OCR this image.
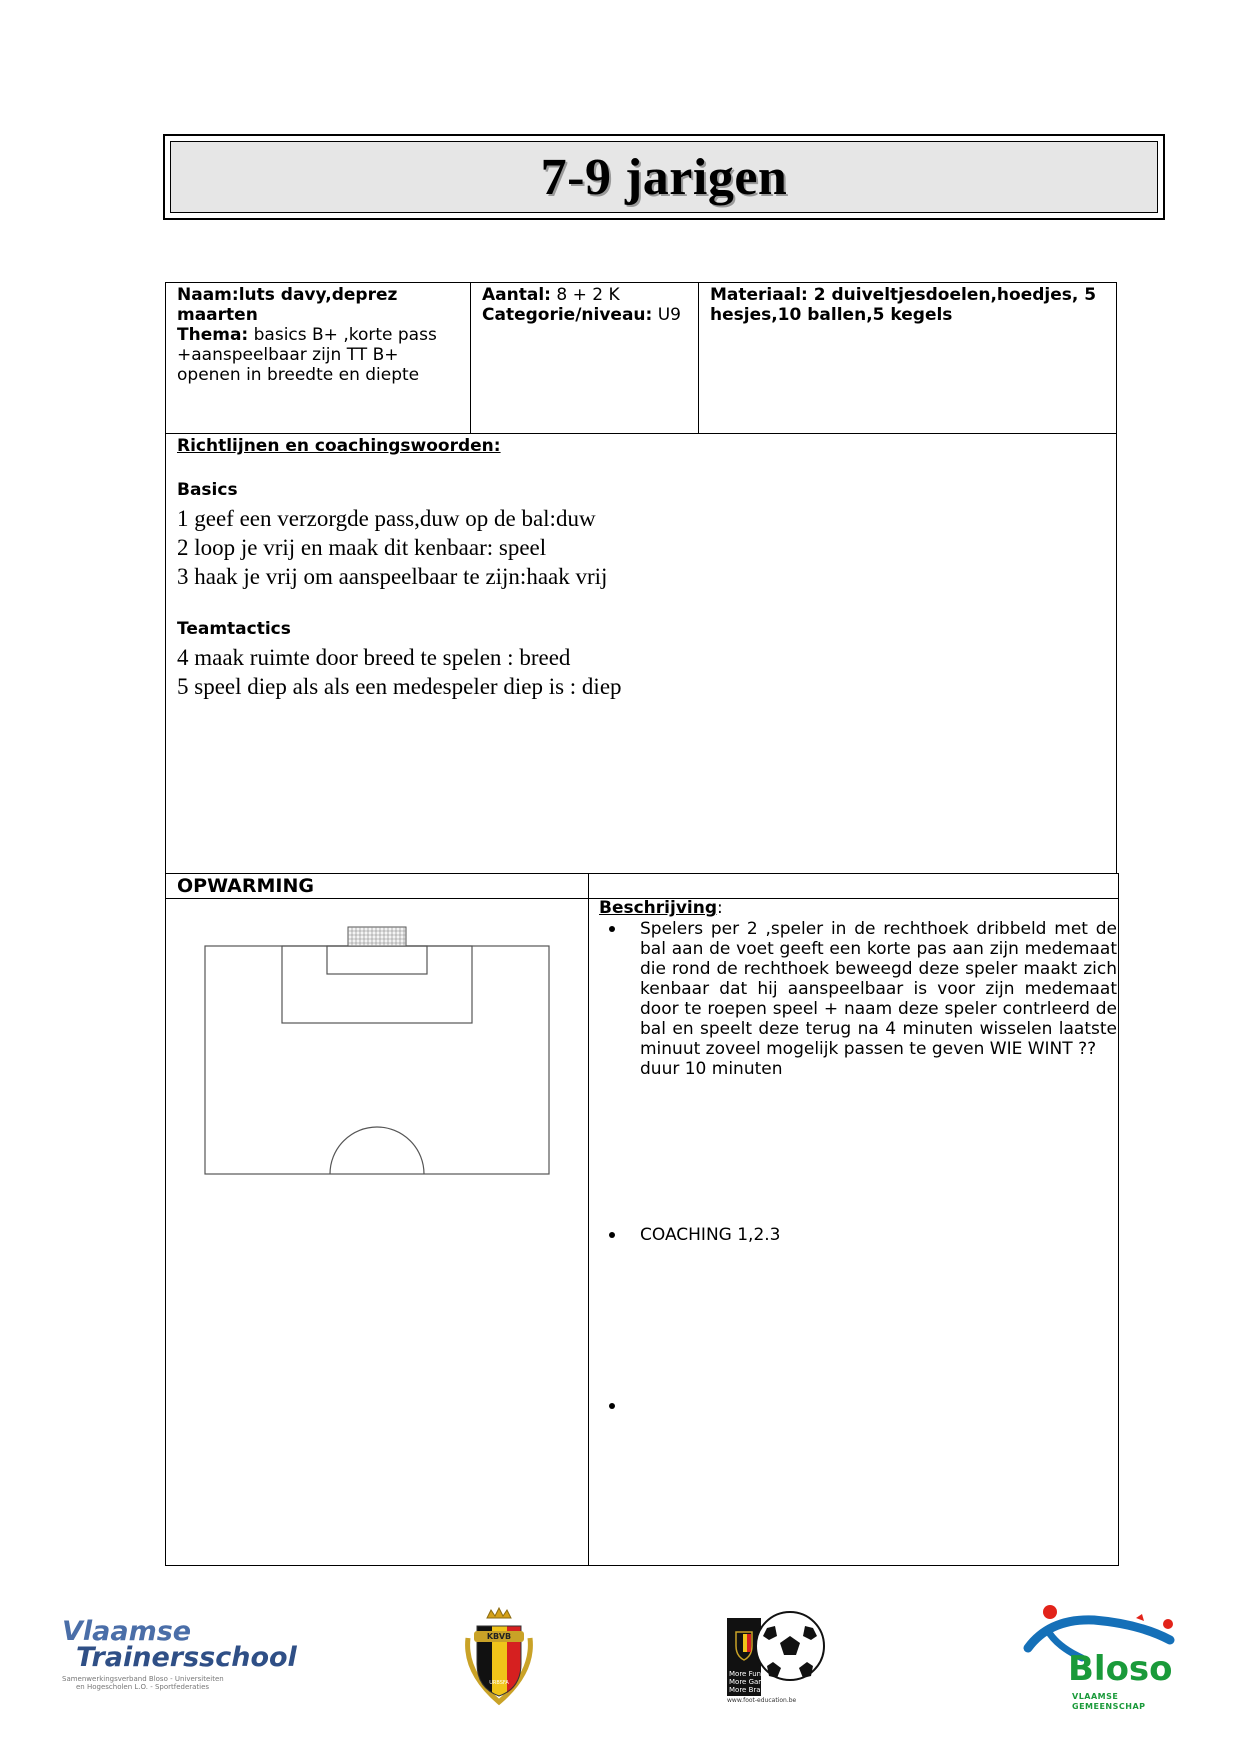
7-9 jarigen
Naam:luts davy,deprez
maarten
Thema: basics B+ ,korte pass
+aanspeelbaar zijn TT B+
openen in breedte en diepte
Aantal: 8 + 2 K
Categorie/niveau: U9
Materiaal: 2 duiveltjesdoelen,hoedjes, 5
hesjes,10 ballen,5 kegels
Richtlijnen en coachingswoorden:
Basics
1 geef een verzorgde pass,duw op de bal:duw
2 loop je vrij en maak dit kenbaar: speel
3 haak je vrij om aanspeelbaar te zijn:haak vrij
Teamtactics
4 maak ruimte door breed te spelen : breed
5 speel diep als als een medespeler diep is : diep
OPWARMING
Beschrijving:
Spelers per 2 ,speler in de rechthoek dribbeld met de
bal aan de voet geeft een korte pas aan zijn medemaat
die rond de rechthoek beweegd deze speler maakt zich
kenbaar dat hij aanspeelbaar is voor zijn medemaat
door te roepen speel + naam deze speler contrleerd de
bal en speelt deze terug na 4 minuten wisselen laatste
minuut zoveel mogelijk passen te geven WIE WINT ??
duur 10 minuten
COACHING 1,2.3
Vlaamse
Trainersschool
Samenwerkingsverband Bloso - Universiteiten
en Hogescholen L.O. - Sportfederaties
KBVB
URBSFA
More Fun
More Games
More Brains
www.foot-education.be
Bloso
VLAAMSE GEMEENSCHAP
